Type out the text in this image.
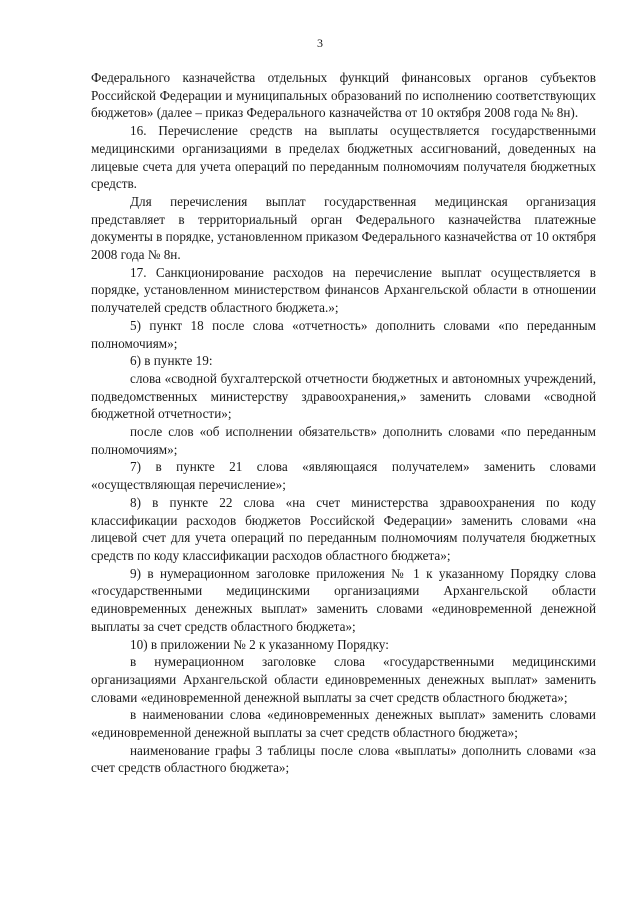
3

Федерального казначейства отдельных функций финансовых органов субъектов Российской Федерации и муниципальных образований по исполнению соответствующих бюджетов» (далее – приказ Федерального казначейства от 10 октября 2008 года № 8н).

16. Перечисление средств на выплаты осуществляется государственными медицинскими организациями в пределах бюджетных ассигнований, доведенных на лицевые счета для учета операций по переданным полномочиям получателя бюджетных средств.

Для перечисления выплат государственная медицинская организация представляет в территориальный орган Федерального казначейства платежные документы в порядке, установленном приказом Федерального казначейства от 10 октября 2008 года № 8н.

17. Санкционирование расходов на перечисление выплат осуществляется в порядке, установленном министерством финансов Архангельской области в отношении получателей средств областного бюджета.»;

5) пункт 18 после слова «отчетность» дополнить словами «по переданным полномочиям»;

6) в пункте 19:

слова «сводной бухгалтерской отчетности бюджетных и автономных учреждений, подведомственных министерству здравоохранения,» заменить словами «сводной бюджетной отчетности»;

после слов «об исполнении обязательств» дополнить словами «по переданным полномочиям»;

7) в пункте 21 слова «являющаяся получателем» заменить словами «осуществляющая перечисление»;

8) в пункте 22 слова «на счет министерства здравоохранения по коду классификации расходов бюджетов Российской Федерации» заменить словами «на лицевой счет для учета операций по переданным полномочиям получателя бюджетных средств по коду классификации расходов областного бюджета»;

9) в нумерационном заголовке приложения № 1 к указанному Порядку слова «государственными медицинскими организациями Архангельской области единовременных денежных выплат» заменить словами «единовременной денежной выплаты за счет средств областного бюджета»;

10) в приложении № 2 к указанному Порядку:

в нумерационном заголовке слова «государственными медицинскими организациями Архангельской области единовременных денежных выплат» заменить словами «единовременной денежной выплаты за счет средств областного бюджета»;

в наименовании слова «единовременных денежных выплат» заменить словами «единовременной денежной выплаты за счет средств областного бюджета»;

наименование графы 3 таблицы после слова «выплаты» дополнить словами «за счет средств областного бюджета»;
